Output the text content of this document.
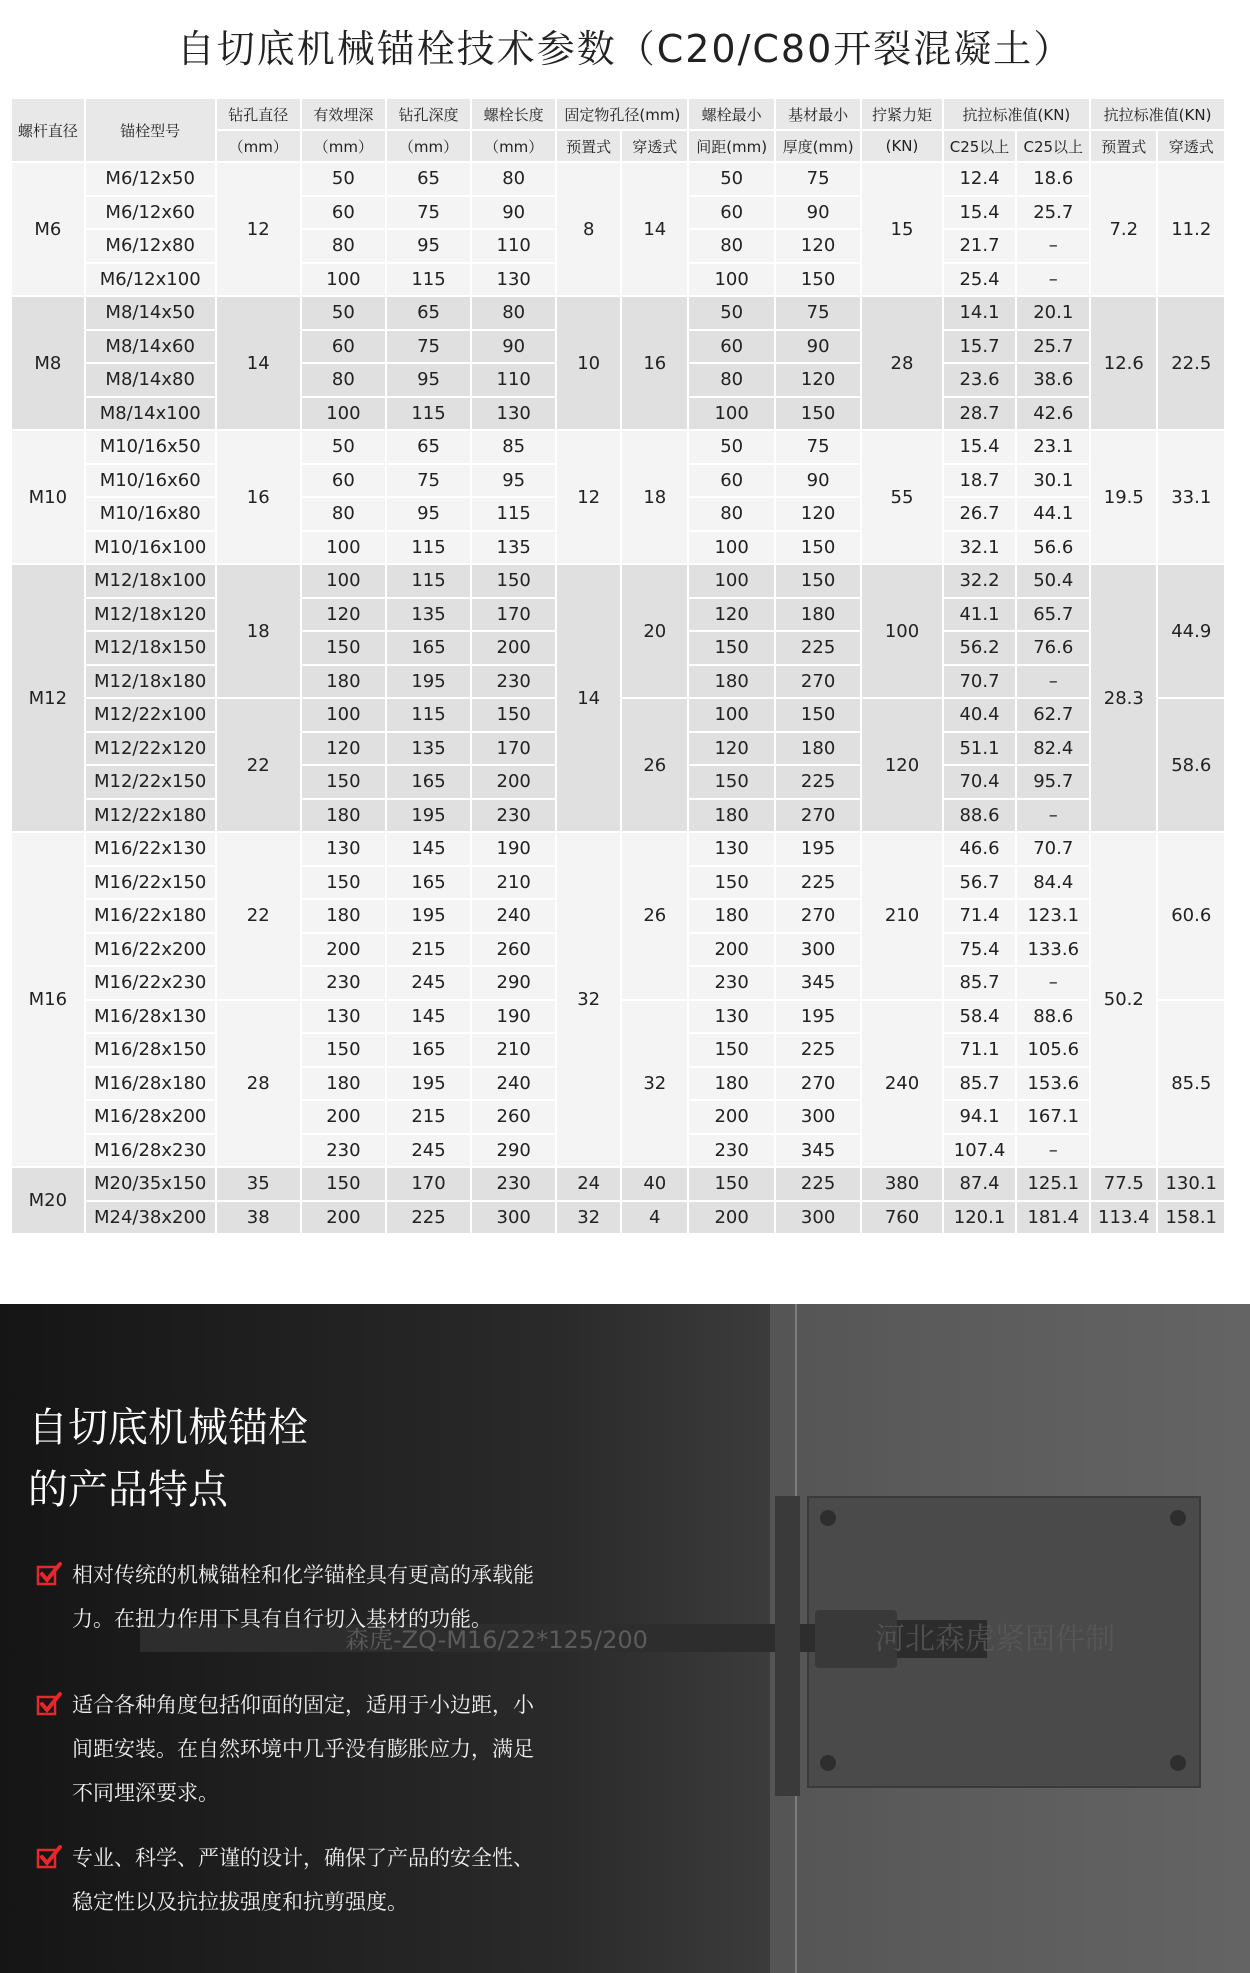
自切底机械锚栓技术参数（C20/C80开裂混凝土）
螺杆直径	锚栓型号	钻孔直径	有效埋深	钻孔深度	螺栓长度	固定物孔径(mm)		螺栓最小	基材最小	拧紧力矩	抗拉标准值(KN)		抗拉标准值(KN)	
		（mm）	（mm）	（mm）	（mm）	预置式	穿透式	间距(mm)	厚度(mm)	(KN)	C25以上	C25以上	预置式	穿透式
M6	M6/12x50	12	50	65	80	8	14	50	75	15	12.4	18.6	7.2	11.2
	M6/12x60		60	75	90			60	90		15.4	25.7		
	M6/12x80		80	95	110			80	120		21.7	–		
	M6/12x100		100	115	130			100	150		25.4	–		
M8	M8/14x50	14	50	65	80	10	16	50	75	28	14.1	20.1	12.6	22.5
	M8/14x60		60	75	90			60	90		15.7	25.7		
	M8/14x80		80	95	110			80	120		23.6	38.6		
	M8/14x100		100	115	130			100	150		28.7	42.6		
M10	M10/16x50	16	50	65	85	12	18	50	75	55	15.4	23.1	19.5	33.1
	M10/16x60		60	75	95			60	90		18.7	30.1		
	M10/16x80		80	95	115			80	120		26.7	44.1		
	M10/16x100		100	115	135			100	150		32.1	56.6		
M12	M12/18x100	18	100	115	150	14	20	100	150	100	32.2	50.4	28.3	44.9
	M12/18x120		120	135	170			120	180		41.1	65.7		
	M12/18x150		150	165	200			150	225		56.2	76.6		
	M12/18x180		180	195	230			180	270		70.7	–		
	M12/22x100	22	100	115	150		26	100	150	120	40.4	62.7		58.6
	M12/22x120		120	135	170			120	180		51.1	82.4		
	M12/22x150		150	165	200			150	225		70.4	95.7		
	M12/22x180		180	195	230			180	270		88.6	–		
M16	M16/22x130	22	130	145	190	32	26	130	195	210	46.6	70.7	50.2	60.6
	M16/22x150		150	165	210			150	225		56.7	84.4		
	M16/22x180		180	195	240			180	270		71.4	123.1		
	M16/22x200		200	215	260			200	300		75.4	133.6		
	M16/22x230		230	245	290			230	345		85.7	–		
	M16/28x130	28	130	145	190		32	130	195	240	58.4	88.6		85.5
	M16/28x150		150	165	210			150	225		71.1	105.6		
	M16/28x180		180	195	240			180	270		85.7	153.6		
	M16/28x200		200	215	260			200	300		94.1	167.1		
	M16/28x230		230	245	290			230	345		107.4	–		
M20	M20/35x150	35	150	170	230	24	40	150	225	380	87.4	125.1	77.5	130.1
	M24/38x200	38	200	225	300	32	4	200	300	760	120.1	181.4	113.4	158.1
森虎-ZQ-M16/22*125/200	河北森虎紧固件制
自切底机械锚栓
的产品特点
相对传统的机械锚栓和化学锚栓具有更高的承载能
力。在扭力作用下具有自行切入基材的功能。
适合各种角度包括仰面的固定，适用于小边距，小
间距安装。在自然环境中几乎没有膨胀应力，满足
不同埋深要求。
专业、科学、严谨的设计，确保了产品的安全性、
稳定性以及抗拉拔强度和抗剪强度。
